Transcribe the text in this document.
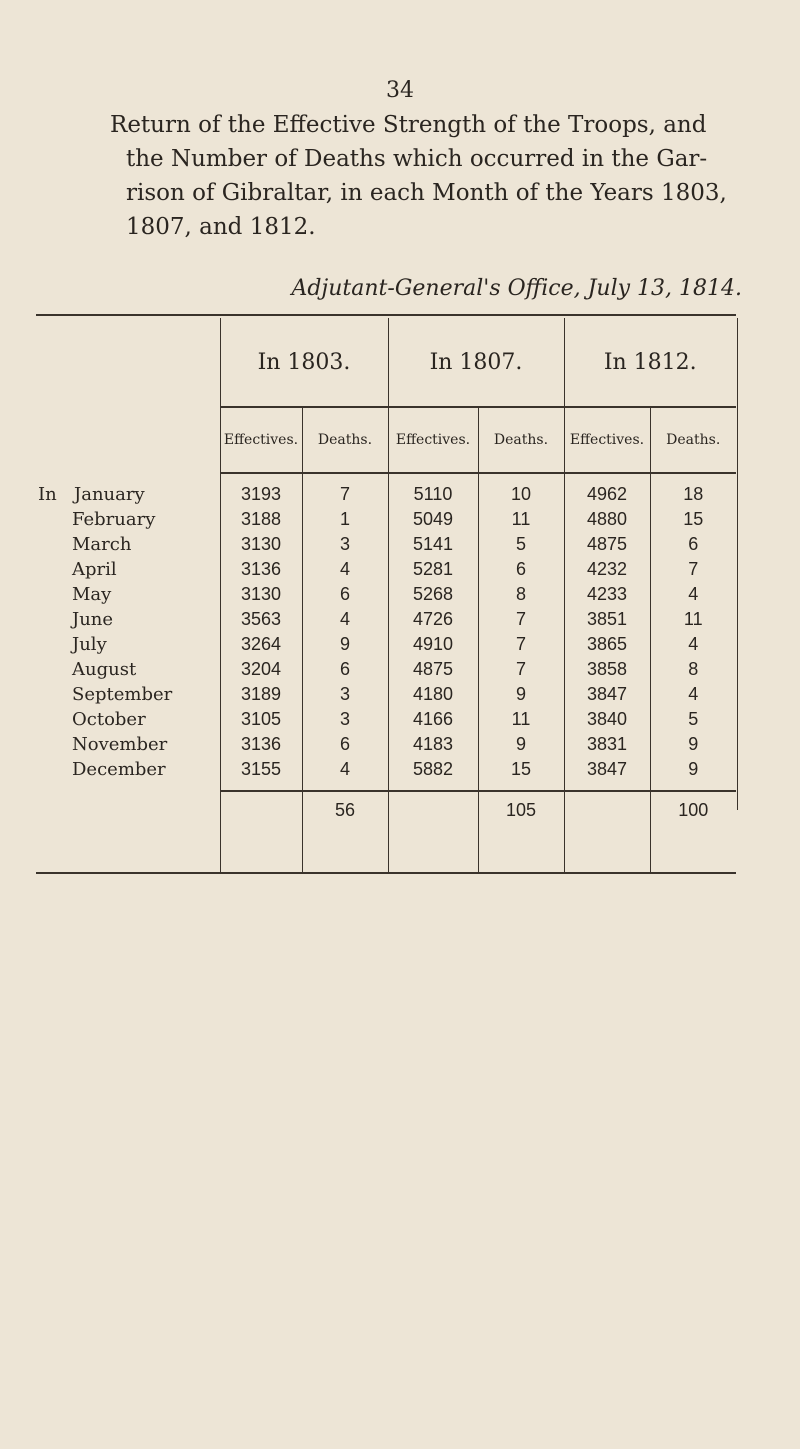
34
Return of the Effective Strength of the Troops, and
the Number of Deaths which occurred in the Gar-
rison of Gibraltar, in each Month of the Years 1803,
1807, and 1812.
Adjutant-General's Office, July 13, 1814.
	In 1803.		In 1807.		In 1812.	
	Effectives.	Deaths.	Effectives.	Deaths.	Effectives.	Deaths.
In January	3193	7	5110	10	4962	18
February	3188	1	5049	11	4880	15
March	3130	3	5141	5	4875	6
April	3136	4	5281	6	4232	7
May	3130	6	5268	8	4233	4
June	3563	4	4726	7	3851	11
July	3264	9	4910	7	3865	4
August	3204	6	4875	7	3858	8
September	3189	3	4180	9	3847	4
October	3105	3	4166	11	3840	5
November	3136	6	4183	9	3831	9
December	3155	4	5882	15	3847	9

		56		105		100
